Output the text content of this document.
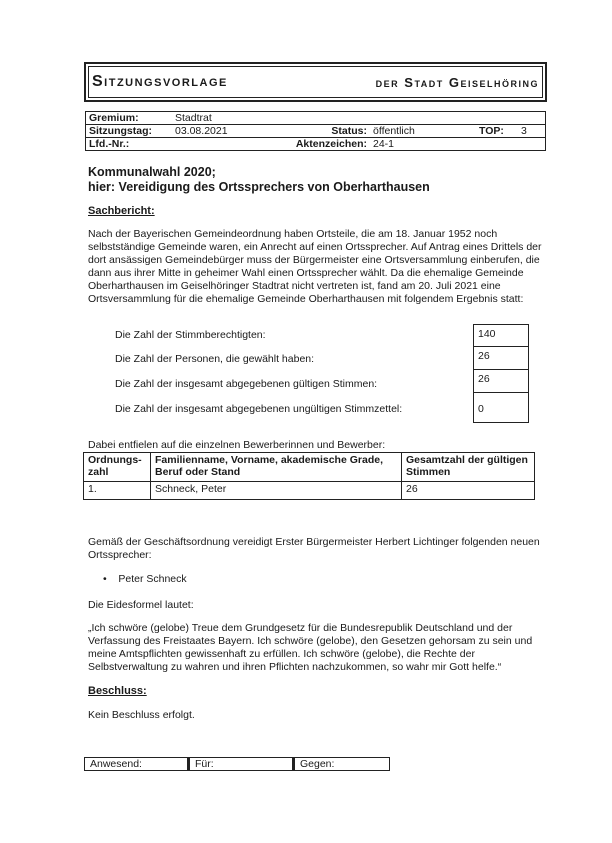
Sitzungsvorlage	der Stadt Geiselhöring
Gremium:	Stadtrat				
Sitzungstag:	03.08.2021	Status:	öffentlich	TOP:	3
Lfd.-Nr.:	Aktenzeichen:		24-1		
Kommunalwahl 2020;
hier: Vereidigung des Ortssprechers von Oberharthausen
Sachbericht:
Nach der Bayerischen Gemeindeordnung haben Ortsteile, die am 18. Januar 1952 noch selbstständige Gemeinde waren, ein Anrecht auf einen Ortssprecher. Auf Antrag eines Drittels der dort ansässigen Gemeindebürger muss der Bürgermeister eine Ortsversammlung einberufen, die dann aus ihrer Mitte in geheimer Wahl einen Ortssprecher wählt. Da die ehemalige Gemeinde Oberharthausen im Geiselhöringer Stadtrat nicht vertreten ist, fand am 20. Juli 2021 eine Ortsversammlung für die ehemalige Gemeinde Oberharthausen mit folgendem Ergebnis statt:
Die Zahl der Stimmberechtigten:	140
Die Zahl der Personen, die gewählt haben:	26
Die Zahl der insgesamt abgegebenen gültigen Stimmen:	26
Die Zahl der insgesamt abgegebenen ungültigen Stimmzettel:	0
Dabei entfielen auf die einzelnen Bewerberinnen und Bewerber:
Ordnungs-zahl	Familienname, Vorname, akademische Grade, Beruf oder Stand	Gesamtzahl der gültigen Stimmen
1.	Schneck, Peter	26
Gemäß der Geschäftsordnung vereidigt Erster Bürgermeister Herbert Lichtinger folgenden neuen Ortssprecher:
• Peter Schneck
Die Eidesformel lautet:
„Ich schwöre (gelobe) Treue dem Grundgesetz für die Bundesrepublik Deutschland und der Verfassung des Freistaates Bayern. Ich schwöre (gelobe), den Gesetzen gehorsam zu sein und meine Amtspflichten gewissenhaft zu erfüllen. Ich schwöre (gelobe), die Rechte der Selbstverwaltung zu wahren und ihren Pflichten nachzukommen, so wahr mir Gott helfe.“
Beschluss:
Kein Beschluss erfolgt.
Anwesend:	Für:	Gegen:
